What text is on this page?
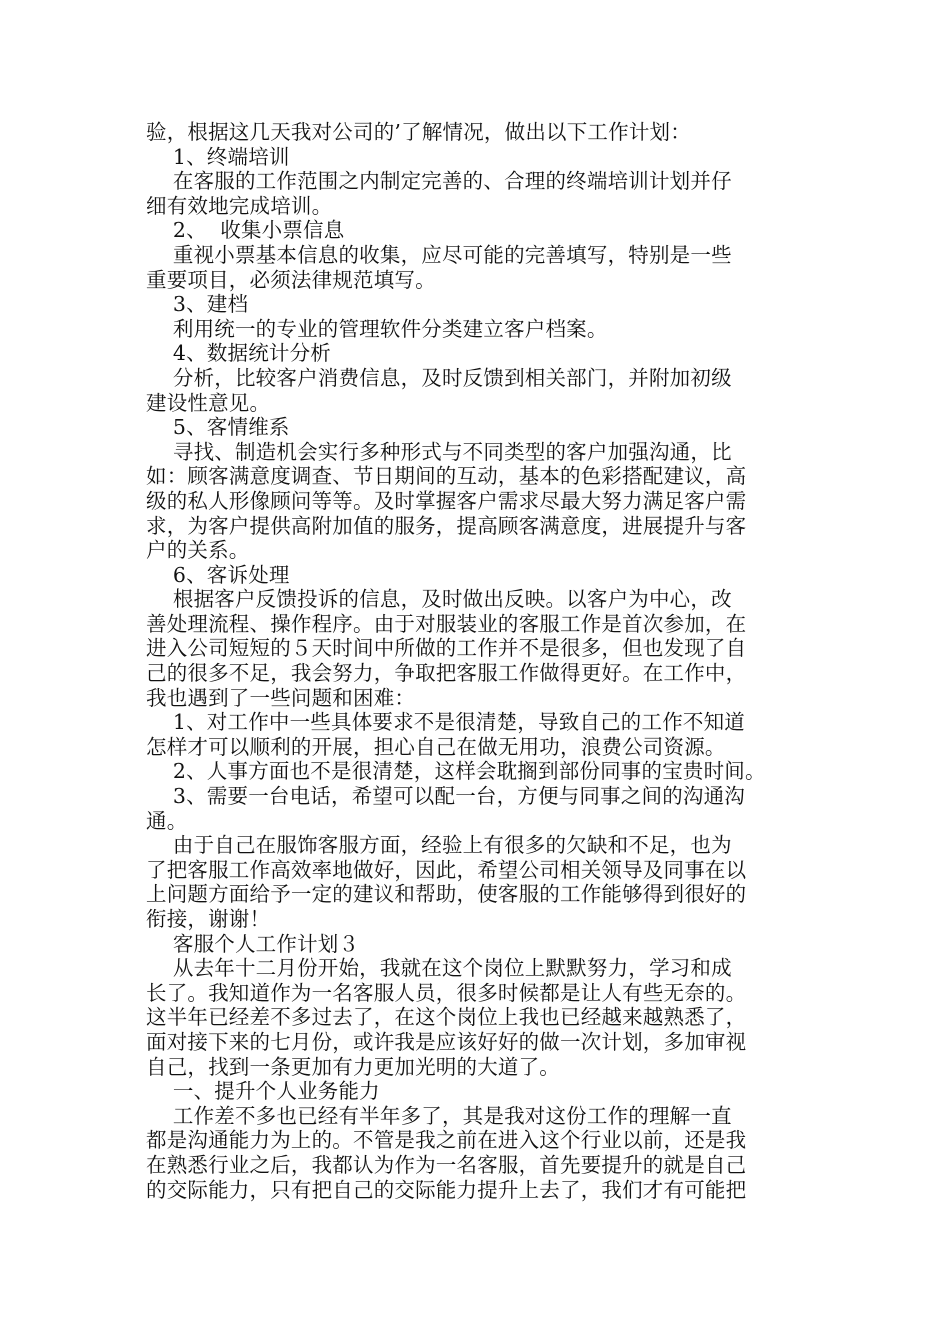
验，根据这几天我对公司的’了解情况，做出以下工作计划：
1、终端培训
在客服的工作范围之内制定完善的、合理的终端培训计划并仔
细有效地完成培训。
2、  收集小票信息
重视小票基本信息的收集，应尽可能的完善填写，特别是一些
重要项目，必须法律规范填写。
3、建档
利用统一的专业的管理软件分类建立客户档案。
4、数据统计分析
分析，比较客户消费信息，及时反馈到相关部门，并附加初级
建设性意见。
5、客情维系
寻找、制造机会实行多种形式与不同类型的客户加强沟通，比
如：顾客满意度调查、节日期间的互动，基本的色彩搭配建议，高
级的私人形像顾问等等。及时掌握客户需求尽最大努力满足客户需
求，为客户提供高附加值的服务，提高顾客满意度，进展提升与客
户的关系。
6、客诉处理
根据客户反馈投诉的信息，及时做出反映。以客户为中心，改
善处理流程、操作程序。由于对服装业的客服工作是首次参加，在
进入公司短短的５天时间中所做的工作并不是很多，但也发现了自
己的很多不足，我会努力，争取把客服工作做得更好。在工作中，
我也遇到了一些问题和困难：
1、对工作中一些具体要求不是很清楚，导致自己的工作不知道
怎样才可以顺利的开展，担心自己在做无用功，浪费公司资源。
2、人事方面也不是很清楚，这样会耽搁到部份同事的宝贵时间。
3、需要一台电话，希望可以配一台，方便与同事之间的沟通沟
通。
由于自己在服饰客服方面，经验上有很多的欠缺和不足，也为
了把客服工作高效率地做好，因此，希望公司相关领导及同事在以
上问题方面给予一定的建议和帮助，使客服的工作能够得到很好的
衔接，谢谢！
客服个人工作计划３
从去年十二月份开始，我就在这个岗位上默默努力，学习和成
长了。我知道作为一名客服人员，很多时候都是让人有些无奈的。
这半年已经差不多过去了，在这个岗位上我也已经越来越熟悉了，
面对接下来的七月份，或许我是应该好好的做一次计划，多加审视
自己，找到一条更加有力更加光明的大道了。
一、提升个人业务能力
工作差不多也已经有半年多了，其是我对这份工作的理解一直
都是沟通能力为上的。不管是我之前在进入这个行业以前，还是我
在熟悉行业之后，我都认为作为一名客服，首先要提升的就是自己
的交际能力，只有把自己的交际能力提升上去了，我们才有可能把
